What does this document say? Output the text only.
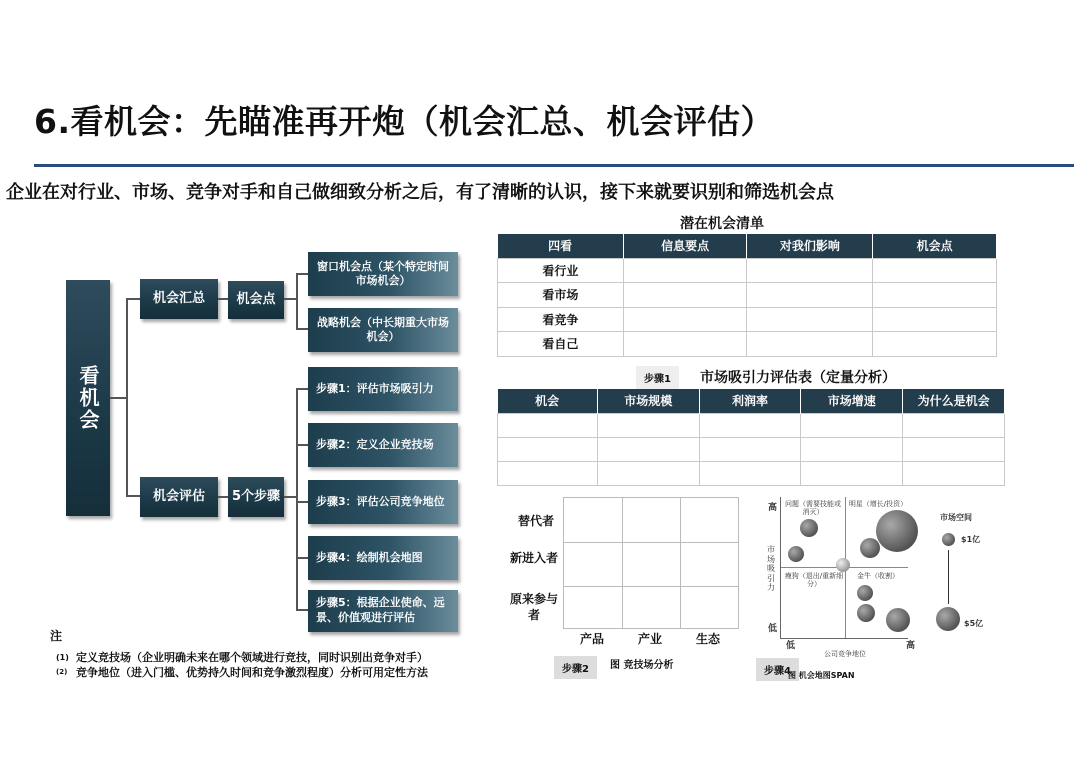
6.看机会：先瞄准再开炮（机会汇总、机会评估）
企业在对行业、市场、竞争对手和自己做细致分析之后，有了清晰的认识，接下来就要识别和筛选机会点
看机会
机会汇总	机会点
窗口机会点（某个特定时间市场机会）
战略机会（中长期重大市场机会）
机会评估	5个步骤
步骤1：评估市场吸引力
步骤2：定义企业竞技场
步骤3：评估公司竞争地位
步骤4：绘制机会地图
步骤5：根据企业使命、远景、价值观进行评估
潜在机会清单
四看	信息要点	对我们影响	机会点
看行业			
看市场			
看竞争			
看自己			
步骤1	市场吸引力评估表（定量分析）
机会	市场规模	利润率	市场增速	为什么是机会

替代者
新进入者
原来参与者
产品	产业	生态
步骤2	图 竞技场分析
问题（需要技能或消灭）
明星（增长/投资）
瘦狗（退出/重新细分）
金牛（收割）
高
低
市场吸引力
低	高
公司竞争地位
市场空间
$1亿
$5亿
步骤4
图 机会地图SPAN
注
(1) 定义竞技场（企业明确未来在哪个领域进行竞技，同时识别出竞争对手）
(2) 竞争地位（进入门槛、优势持久时间和竞争激烈程度）分析可用定性方法
